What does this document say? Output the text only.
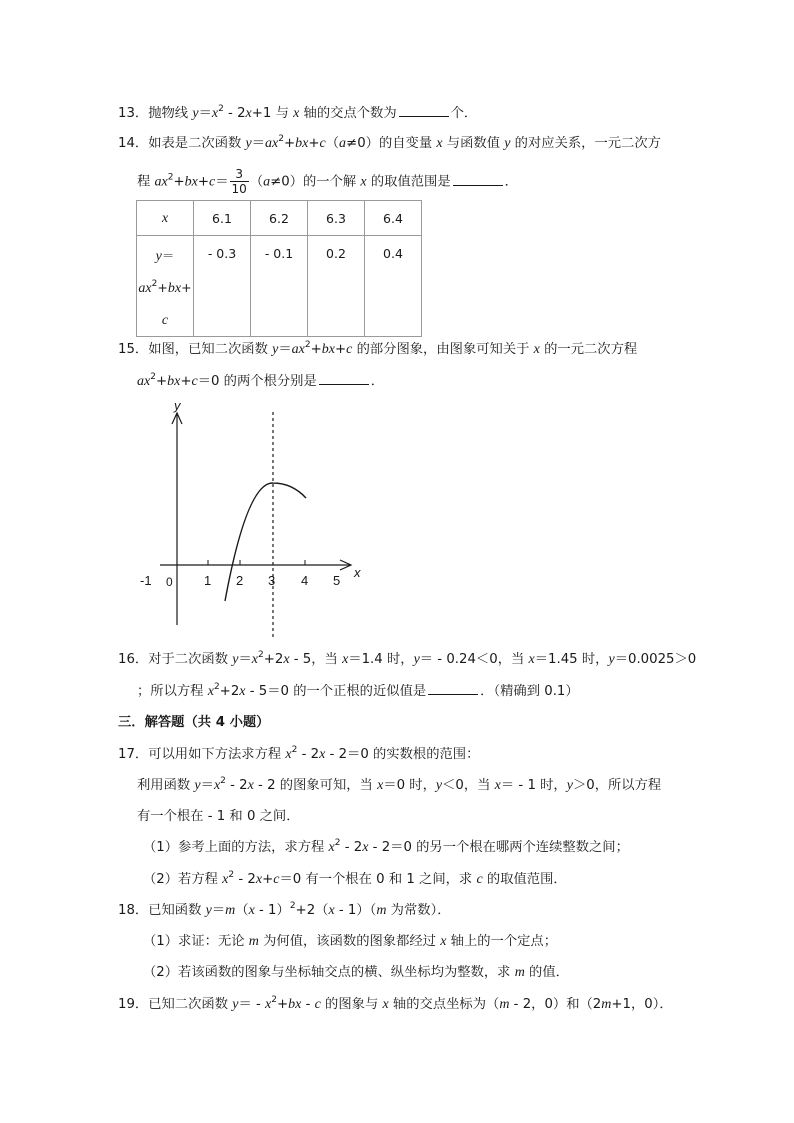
13．抛物线 $y=x^2 - 2x+1$ 与 x 轴的交点个数为	个．
14．如表是二次函数 $y=ax^2+bx+c(a\ne 0)$的自变量 x 与函数值 y 的对应关系，一元二次方
程 $ax^2+bx+c= \frac{3}{10} (a\ne 0)$的一个解 x 的取值范围是	．
x	6.1	6.2	6.3	6.4

y＝
$ax^2+bx+$
c	- 0.3	- 0.1	0.2	0.4
15．如图，已知二次函数 $y=ax^2+bx+c$ 的部分图象，由图象可知关于 x 的一元二次方程
$ax^2+bx+c=0$ 的两个根分别是	．
y
x
-1 0 1 2 3 4 5
16．对于二次函数 $y=x^2+2x - 5$，当 x＝1.4 时，y＝ - 0.24＜0，当 x＝1.45 时，y＝0.0025＞0
；所以方程 $x^2+2x - 5=0$ 的一个正根的近似值是	．（精确到 0.1）
三．解答题（共 4 小题）
17．可以用如下方法求方程 $x^2 - 2x - 2=0$ 的实数根的范围：
利用函数 $y=x^2 - 2x - 2$ 的图象可知，当 x＝0 时，y＜0，当 x＝ - 1 时，y＞0，所以方程
有一个根在 - 1 和 0 之间．
（1）参考上面的方法，求方程 $x^2 - 2x - 2=0$ 的另一个根在哪两个连续整数之间；
（2）若方程 $x^2 - 2x+c=0$ 有一个根在 0 和 1 之间，求 c 的取值范围．
18．已知函数 y＝m（x - 1）$^2$+2（x - 1）（m 为常数）．
（1）求证：无论 m 为何值，该函数的图象都经过 x 轴上的一个定点；
（2）若该函数的图象与坐标轴交点的横、纵坐标均为整数，求 m 的值．
19．已知二次函数 $y= - x^2+bx - c$ 的图象与 x 轴的交点坐标为（m - 2，0）和（2m+1，0）．
